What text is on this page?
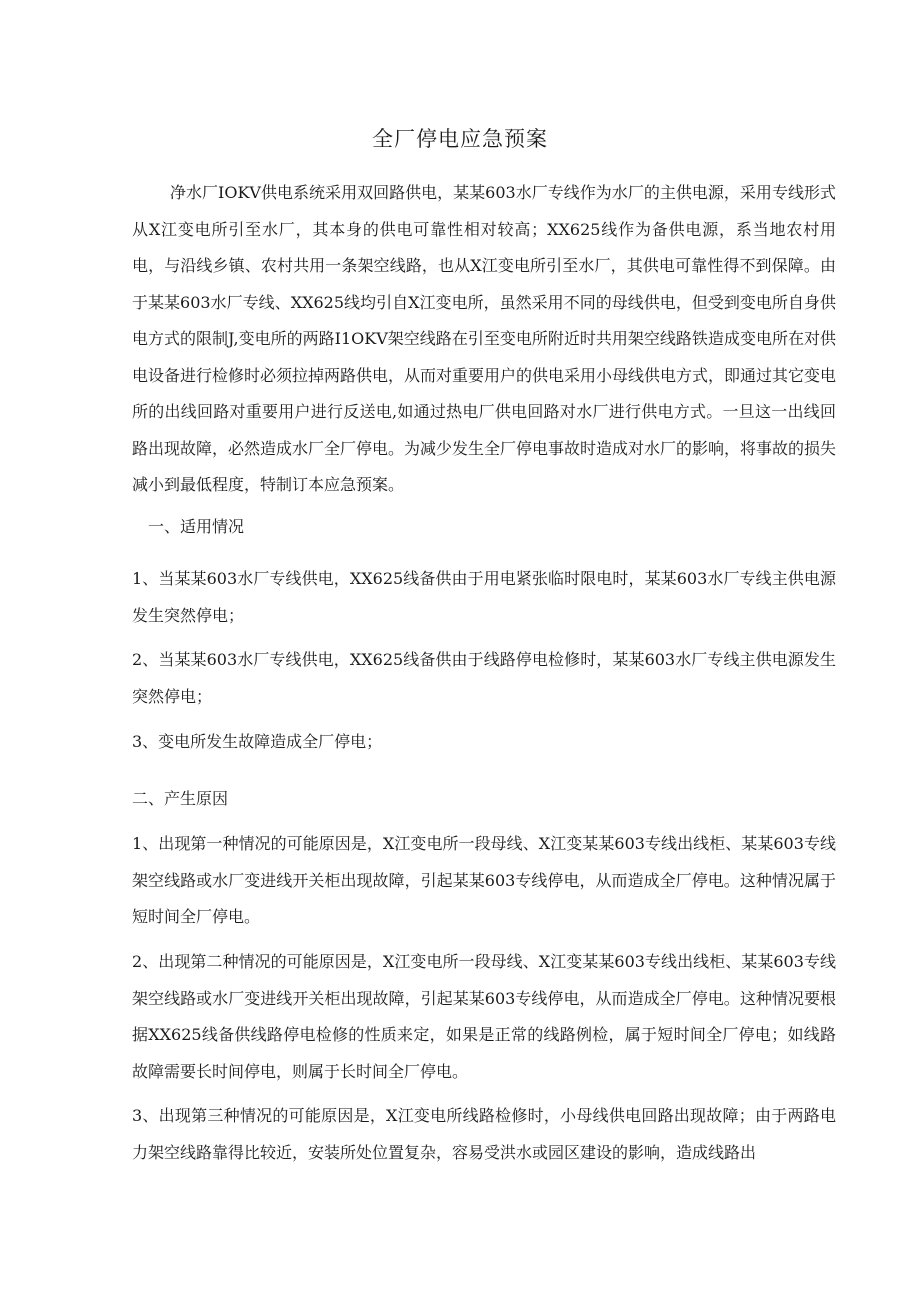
全厂停电应急预案
净水厂IOKV供电系统采用双回路供电，某某603水厂专线作为水厂的主供电源，采用专线形式从X江变电所引至水厂，其本身的供电可靠性相对较高；XX625线作为备供电源，系当地农村用电，与沿线乡镇、农村共用一条架空线路，也从X江变电所引至水厂，其供电可靠性得不到保障。由于某某603水厂专线、XX625线均引自X江变电所，虽然采用不同的母线供电，但受到变电所自身供电方式的限制J,变电所的两路I1OKV架空线路在引至变电所附近时共用架空线路铁造成变电所在对供电设备进行检修时必须拉掉两路供电，从而对重要用户的供电采用小母线供电方式，即通过其它变电所的出线回路对重要用户进行反送电,如通过热电厂供电回路对水厂进行供电方式。一旦这一出线回路出现故障，必然造成水厂全厂停电。为减少发生全厂停电事故时造成对水厂的影响，将事故的损失减小到最低程度，特制订本应急预案。
一、适用情况
1、当某某603水厂专线供电，XX625线备供由于用电紧张临时限电时，某某603水厂专线主供电源发生突然停电；
2、当某某603水厂专线供电，XX625线备供由于线路停电检修时，某某603水厂专线主供电源发生突然停电；
3、变电所发生故障造成全厂停电；
二、产生原因
1、出现第一种情况的可能原因是，X江变电所一段母线、X江变某某603专线出线柜、某某603专线架空线路或水厂变进线开关柜出现故障，引起某某603专线停电，从而造成全厂停电。这种情况属于短时间全厂停电。
2、出现第二种情况的可能原因是，X江变电所一段母线、X江变某某603专线出线柜、某某603专线架空线路或水厂变进线开关柜出现故障，引起某某603专线停电，从而造成全厂停电。这种情况要根据XX625线备供线路停电检修的性质来定，如果是正常的线路例检，属于短时间全厂停电；如线路故障需要长时间停电，则属于长时间全厂停电。
3、出现第三种情况的可能原因是，X江变电所线路检修时，小母线供电回路出现故障；由于两路电力架空线路靠得比较近，安装所处位置复杂，容易受洪水或园区建设的影响，造成线路出
